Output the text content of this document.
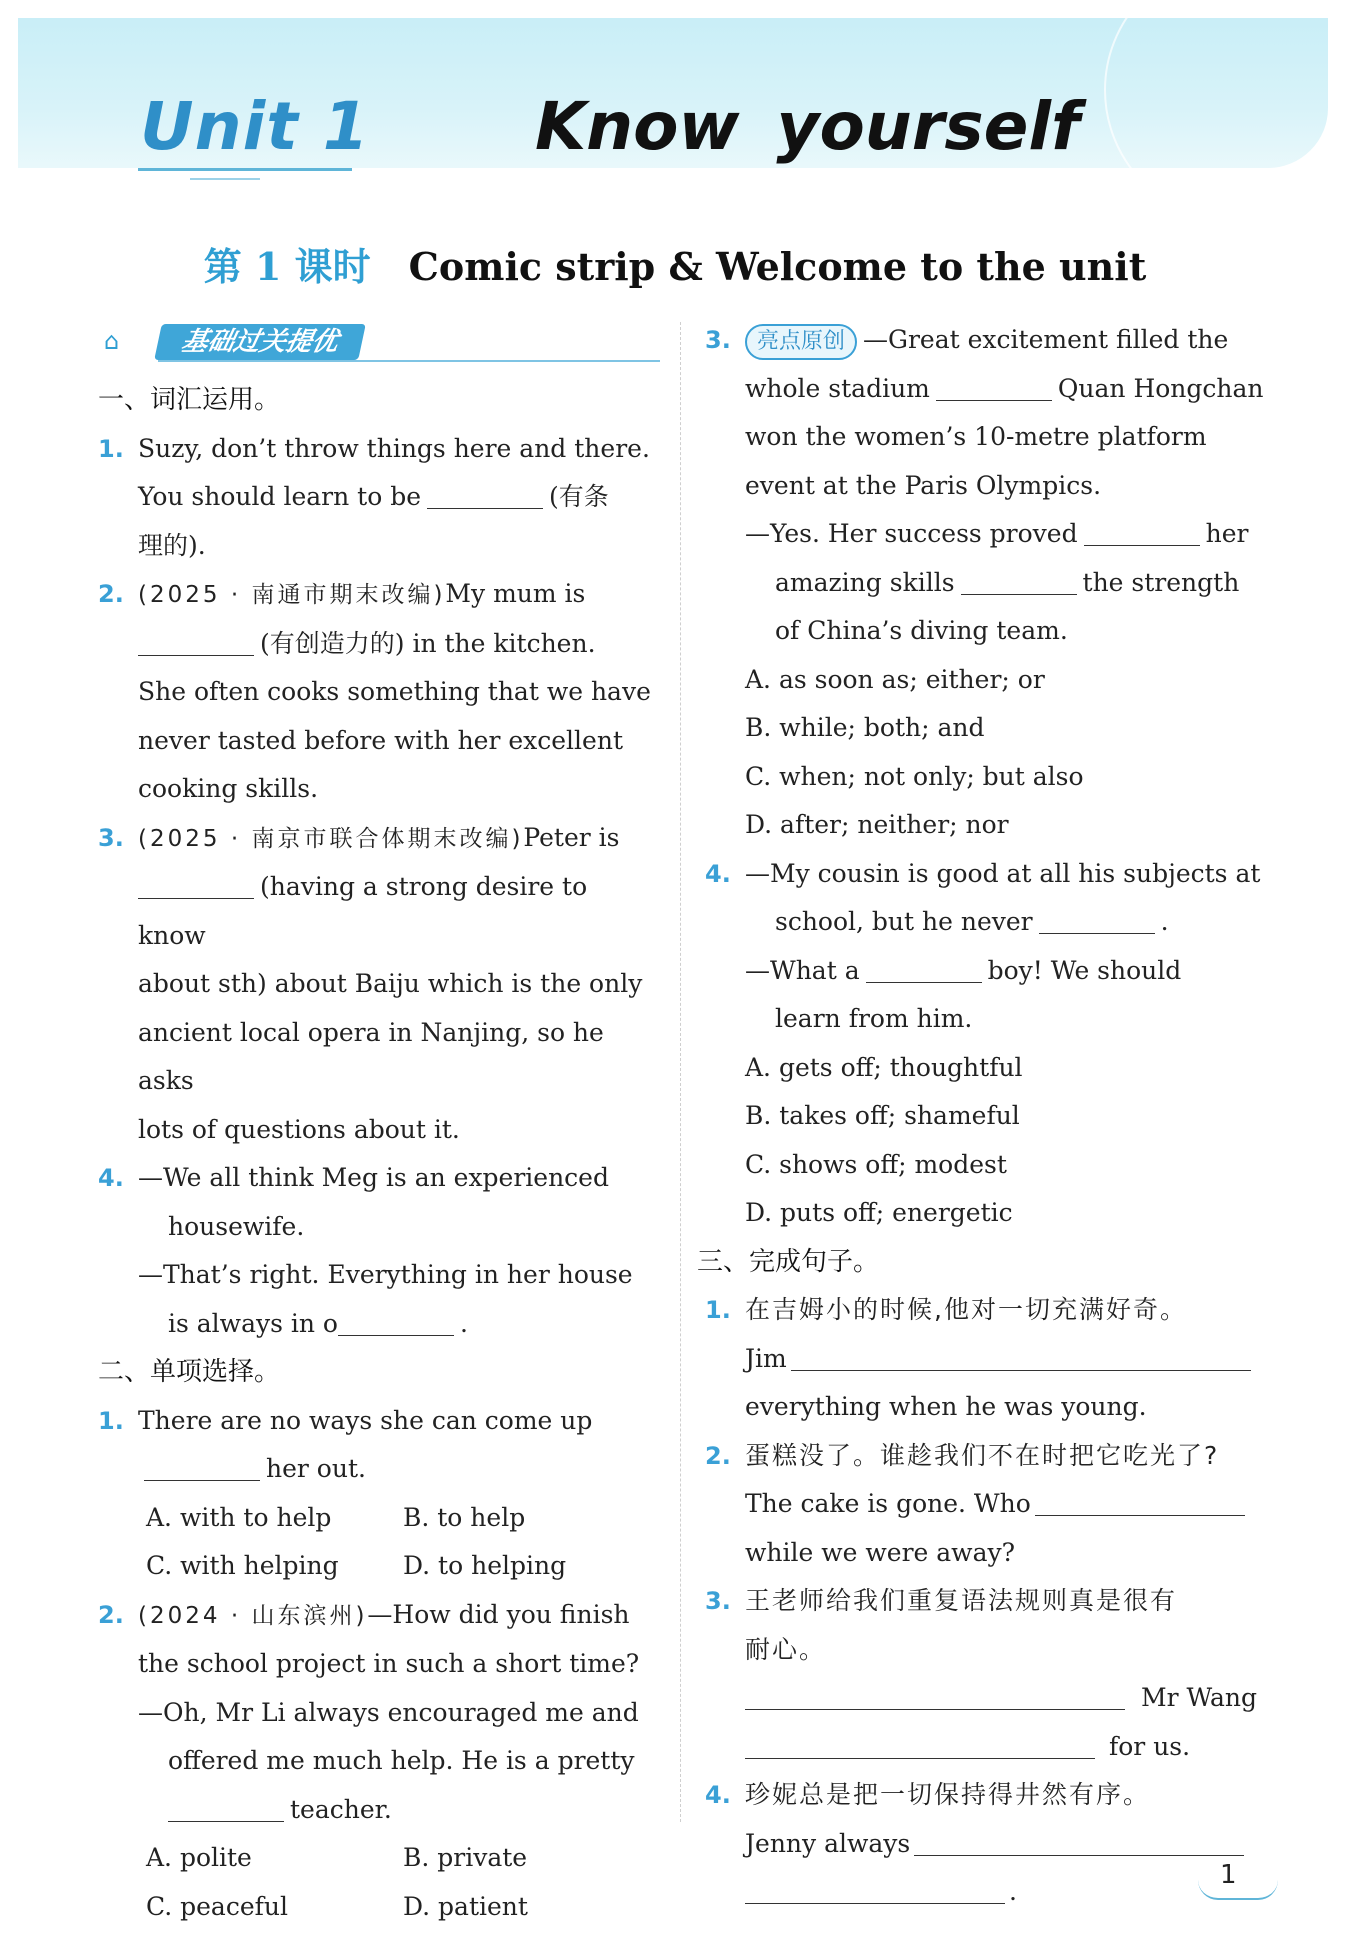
Unit 1	Know yourself
第 1 课时 Comic strip & Welcome to the unit
⌂	基础过关提优
一、词汇运用。
1. Suzy, don’t throw things here and there.
You should learn to be	(有条
理的).
2. (2025 · 南通市期末改编)My mum is
(有创造力的) in the kitchen.
She often cooks something that we have
never tasted before with her excellent
cooking skills.
3. (2025 · 南京市联合体期末改编)Peter is
(having a strong desire to know
about sth) about Baiju which is the only
ancient local opera in Nanjing, so he asks
lots of questions about it.
4. —We all think Meg is an experienced
housewife.
—That’s right. Everything in her house
is always in o	.
二、单项选择。
1. There are no ways she can come up
her out.
A. with to help	B. to help
C. with helping	D. to helping
2. (2024 · 山东滨州)—How did you finish
the school project in such a short time?
—Oh, Mr Li always encouraged me and
offered me much help. He is a pretty
teacher.
A. polite	B. private
C. peaceful	D. patient
3.	亮点原创 —Great excitement filled the
whole stadium	Quan Hongchan
won the women’s 10-metre platform
event at the Paris Olympics.
—Yes. Her success proved	her
amazing skills	the strength
of China’s diving team.
A. as soon as; either; or
B. while; both; and
C. when; not only; but also
D. after; neither; nor
4. —My cousin is good at all his subjects at
school, but he never	.
—What a	boy! We should
learn from him.
A. gets off; thoughtful
B. takes off; shameful
C. shows off; modest
D. puts off; energetic
三、完成句子。
1. 在吉姆小的时候,他对一切充满好奇。
Jim
everything when he was young.
2. 蛋糕没了。谁趁我们不在时把它吃光了?
The cake is gone. Who
while we were away?
3. 王老师给我们重复语法规则真是很有
耐心。
Mr Wang
for us.
4. 珍妮总是把一切保持得井然有序。
Jenny always
.
1
